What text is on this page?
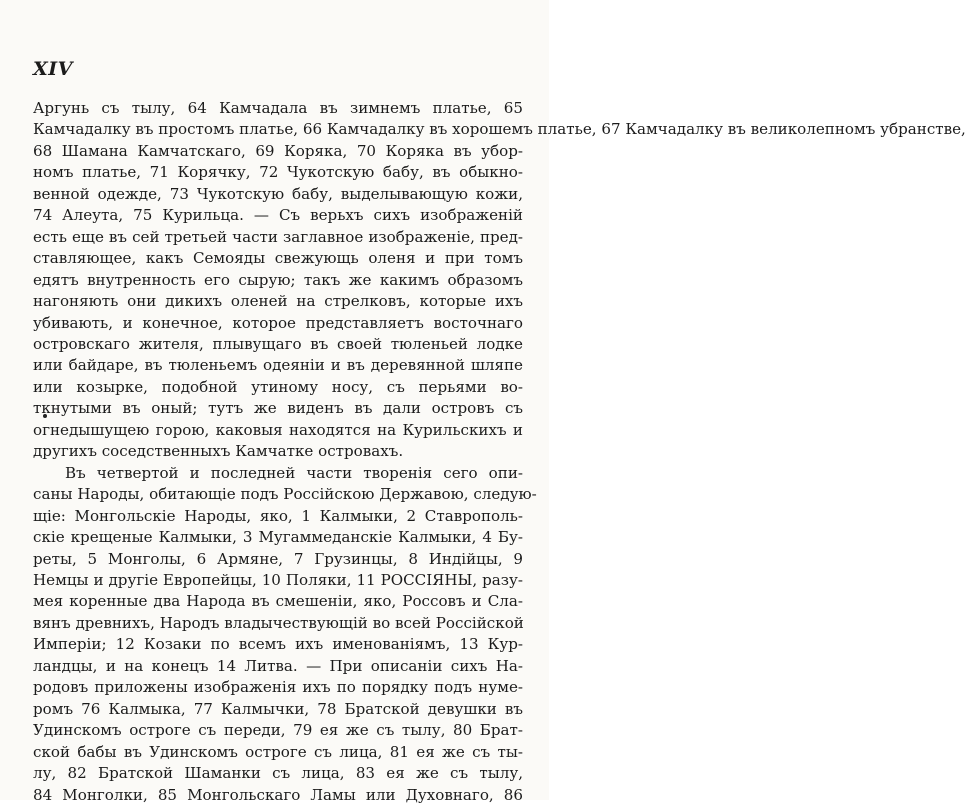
XIV
Аргунь съ тылу, 64 Камчадала въ зимнемъ платье, 65
Камчадалку въ простомъ платье, 66 Камчадалку въ хорошемъ платье, 67 Камчадалку въ великолепномъ убранстве,
68 Шамана Камчатскаго, 69 Коряка, 70 Коряка въ убор-
номъ платье, 71 Корячку, 72 Чукотскую бабу, въ обыкно-
венной одежде, 73 Чукотскую бабу, выделывающую кожи,
74 Алеута, 75 Курильца. — Съ верьхъ сихъ изображенiй
есть еще въ сей третьей части заглавное изображенiе, пред-
ставляющее, какъ Семояды свежующь оленя и при томъ
едятъ внутренность его сырую; такъ же какимъ образомъ
нагоняють они дикихъ оленей на стрелковъ, которые ихъ
убивають, и конечное, которое представляетъ восточнаго
островскаго жителя, плывущаго въ своей тюленьей лодке
или байдаре, въ тюленьемъ одеянiи и въ деревянной шляпе
или козырке, подобной утиному носу, съ перьями во-
ткнутыми въ оный; тутъ же виденъ въ дали островъ съ
огнедышущею горою, каковыя находятся на Курильскихъ и
другихъ соседственныхъ Камчатке островахъ.
Въ четвертой и последней части творенiя сего опи-
саны Народы, обитающiе подъ Россiйскою Державою, следую-
щiе: Монгольскiе Народы, яко, 1 Калмыки, 2 Ставрополь-
скiе крещеные Калмыки, 3 Мугаммеданскiе Калмыки, 4 Бу-
реты, 5 Монголы, 6 Армяне, 7 Грузинцы, 8 Индiйцы, 9
Немцы и другiе Европейцы, 10 Поляки, 11 РОССIЯНЫ, разу-
мея коренные два Народа въ смешенiи, яко, Россовъ и Сла-
вянъ древнихъ, Народъ владычествующiй во всей Россiйской
Имперiи; 12 Козаки по всемъ ихъ именованiямъ, 13 Кур-
ландцы, и на конецъ 14 Литва. — При описанiи сихъ На-
родовъ приложены изображенiя ихъ по порядку подъ нуме-
ромъ 76 Калмыка, 77 Калмычки, 78 Братской девушки въ
Удинскомъ остроге съ переди, 79 ея же съ тылу, 80 Брат-
ской бабы въ Удинскомъ остроге съ лица, 81 ея же съ ты-
лу, 82 Братской Шаманки съ лица, 83 ея же съ тылу,
84 Монголки, 85 Монгольскаго Ламы или Духовнаго, 86
